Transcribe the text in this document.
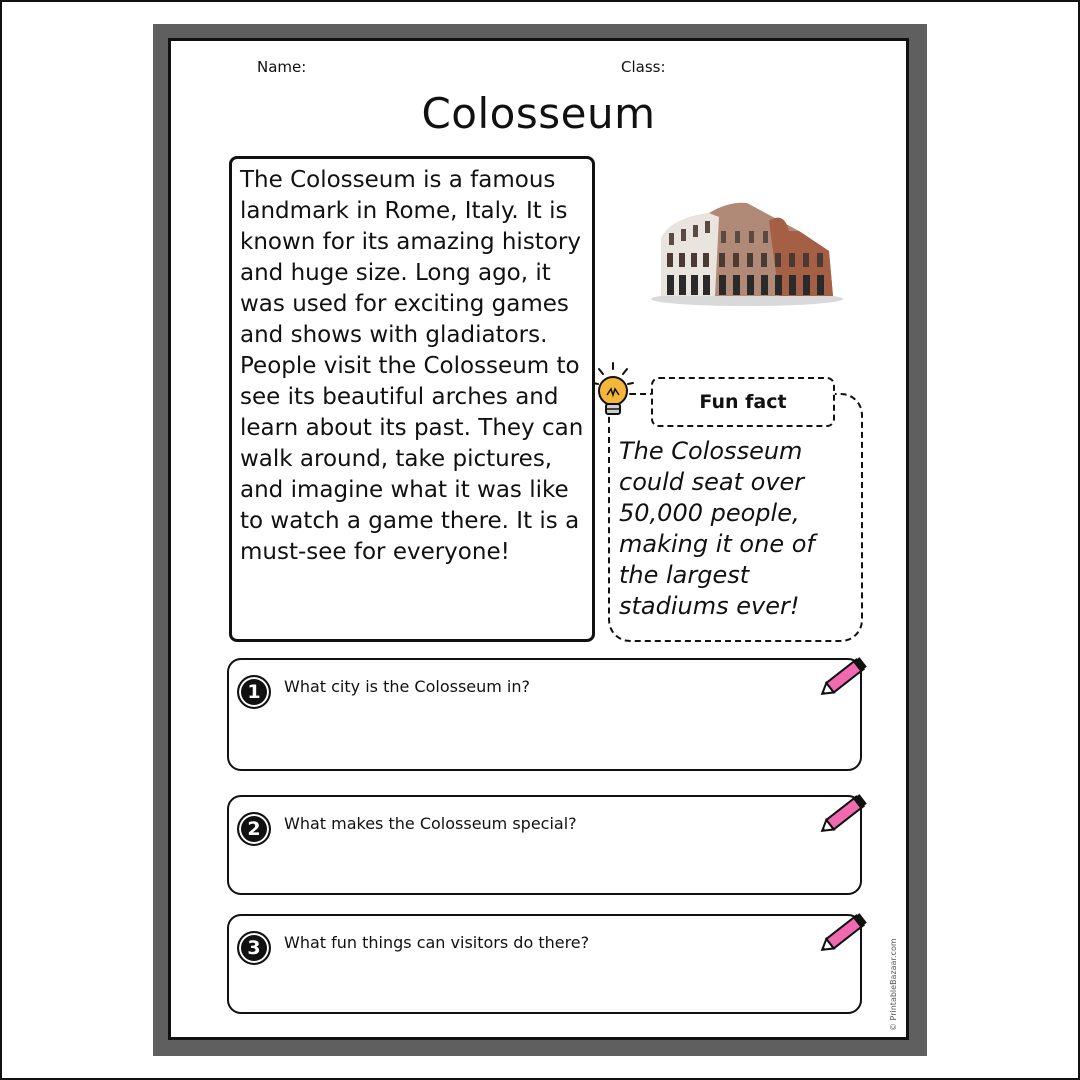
Name:	Class:
Colosseum
The Colosseum is a famous landmark in Rome, Italy. It is known for its amazing history and huge size. Long ago, it was used for exciting games and shows with gladiators. People visit the Colosseum to see its beautiful arches and learn about its past. They can walk around, take pictures, and imagine what it was like to watch a game there. It is a must-see for everyone!
Fun fact
The Colosseum could seat over 50,000 people, making it one of the largest stadiums ever!
1	What city is the Colosseum in?
2	What makes the Colosseum special?
3	What fun things can visitors do there?	© PrintableBazaar.com
